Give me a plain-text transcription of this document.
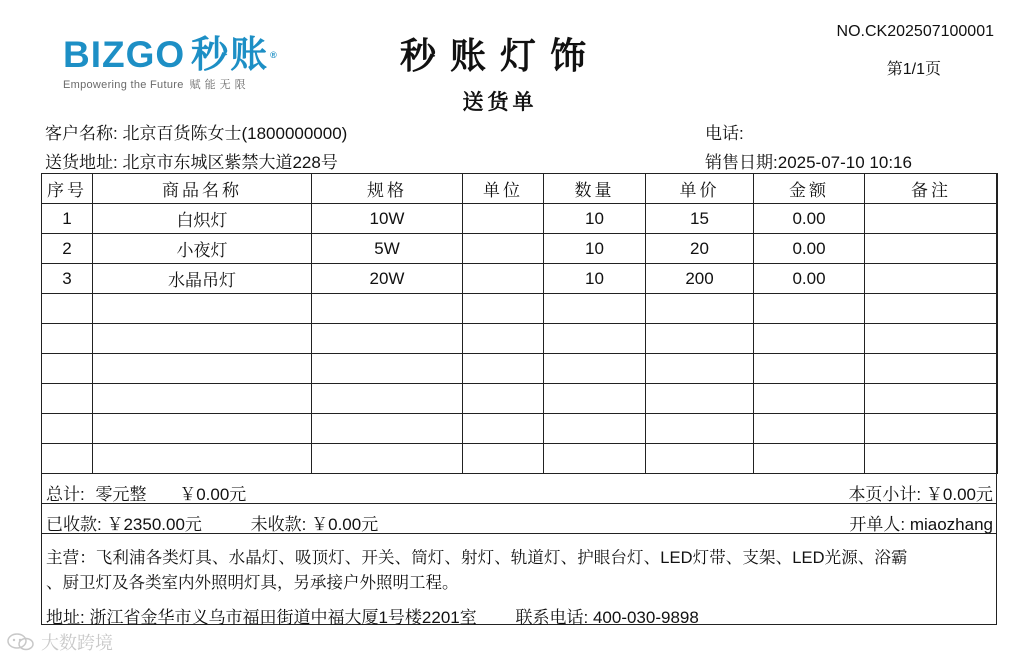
BIZGO 秒账®
Empowering the Future 赋能无限
秒账灯饰
送货单
NO.CK202507100001
第1/1页
客户名称: 北京百货陈女士(1800000000)	电话:
送货地址: 北京市东城区紫禁大道228号	销售日期:2025-07-10 10:16
序号	商品名称	规格	单位	数量	单价	金额	备注
1	白炽灯	10W		10	15	0.00	
2	小夜灯	5W		10	20	0.00	
3	水晶吊灯	20W		10	200	0.00	

总计: 零元整 ￥0.00元	本页小计: ￥0.00元
已收款: ￥2350.00元	未收款: ￥0.00元	开单人: miaozhang
主营：飞利浦各类灯具、水晶灯、吸顶灯、开关、筒灯、射灯、轨道灯、护眼台灯、LED灯带、支架、LED光源、浴霸
、厨卫灯及各类室内外照明灯具，另承接户外照明工程。
地址: 浙江省金华市义乌市福田街道中福大厦1号楼2201室 联系电话: 400-030-9898
大数跨境
